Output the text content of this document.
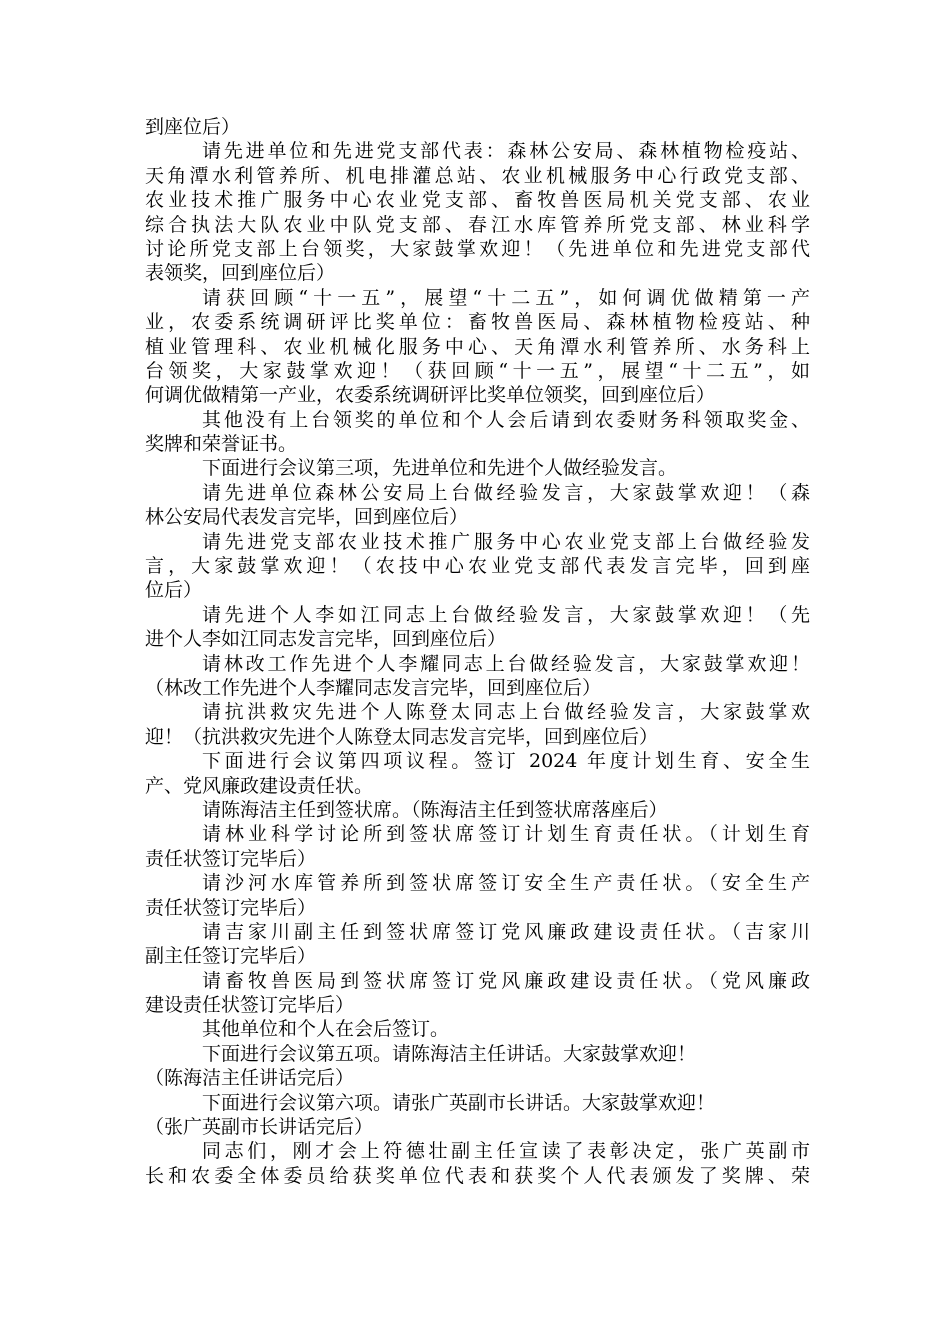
到座位后）
请先进单位和先进党支部代表：森林公安局、森林植物检疫站、
天角潭水利管养所、机电排灌总站、农业机械服务中心行政党支部、
农业技术推广服务中心农业党支部、畜牧兽医局机关党支部、农业
综合执法大队农业中队党支部、春江水库管养所党支部、林业科学
讨论所党支部上台领奖，大家鼓掌欢迎！（先进单位和先进党支部代
表领奖，回到座位后）
请获回顾“十一五”，展望“十二五”，如何调优做精第一产
业，农委系统调研评比奖单位：畜牧兽医局、森林植物检疫站、种
植业管理科、农业机械化服务中心、天角潭水利管养所、水务科上
台领奖，大家鼓掌欢迎！（获回顾“十一五”，展望“十二五”，如
何调优做精第一产业，农委系统调研评比奖单位领奖，回到座位后）
其他没有上台领奖的单位和个人会后请到农委财务科领取奖金、
奖牌和荣誉证书。
下面进行会议第三项，先进单位和先进个人做经验发言。
请先进单位森林公安局上台做经验发言，大家鼓掌欢迎！（森
林公安局代表发言完毕，回到座位后）
请先进党支部农业技术推广服务中心农业党支部上台做经验发
言，大家鼓掌欢迎！（农技中心农业党支部代表发言完毕，回到座
位后）
请先进个人李如江同志上台做经验发言，大家鼓掌欢迎！（先
进个人李如江同志发言完毕，回到座位后）
请林改工作先进个人李耀同志上台做经验发言，大家鼓掌欢迎！
（林改工作先进个人李耀同志发言完毕，回到座位后）
请抗洪救灾先进个人陈登太同志上台做经验发言，大家鼓掌欢
迎！（抗洪救灾先进个人陈登太同志发言完毕，回到座位后）
下面进行会议第四项议程。签订 2024 年度计划生育、安全生
产、党风廉政建设责任状。
请陈海洁主任到签状席。（陈海洁主任到签状席落座后）
请林业科学讨论所到签状席签订计划生育责任状。（计划生育
责任状签订完毕后）
请沙河水库管养所到签状席签订安全生产责任状。（安全生产
责任状签订完毕后）
请吉家川副主任到签状席签订党风廉政建设责任状。（吉家川
副主任签订完毕后）
请畜牧兽医局到签状席签订党风廉政建设责任状。（党风廉政
建设责任状签订完毕后）
其他单位和个人在会后签订。
下面进行会议第五项。请陈海洁主任讲话。大家鼓掌欢迎！
（陈海洁主任讲话完后）
下面进行会议第六项。请张广英副市长讲话。大家鼓掌欢迎！
（张广英副市长讲话完后）
同志们，刚才会上符德壮副主任宣读了表彰决定，张广英副市
长和农委全体委员给获奖单位代表和获奖个人代表颁发了奖牌、荣
